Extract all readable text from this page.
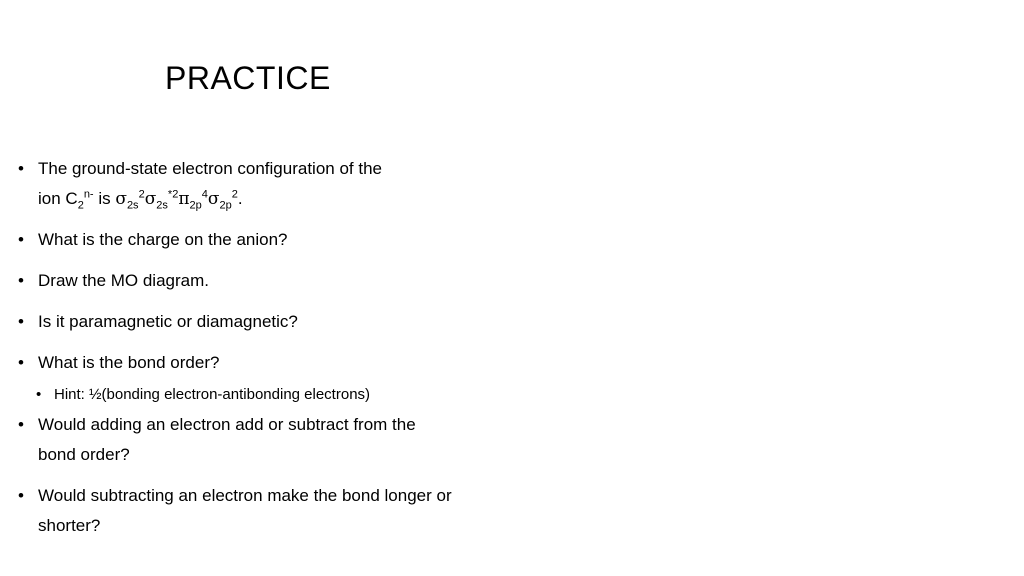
PRACTICE
• The ground-state electron configuration of the
ion $C_2^{n-}$ is $\sigma_{2s}^2\sigma_{2s}^{*2}\pi_{2p}^4\sigma_{2p}^2$.
• What is the charge on the anion?
• Draw the MO diagram.
• Is it paramagnetic or diamagnetic?
• What is the bond order?
• Hint: ½(bonding electron-antibonding electrons)
• Would adding an electron add or subtract from the bond order?
• Would subtracting an electron make the bond longer or shorter?
